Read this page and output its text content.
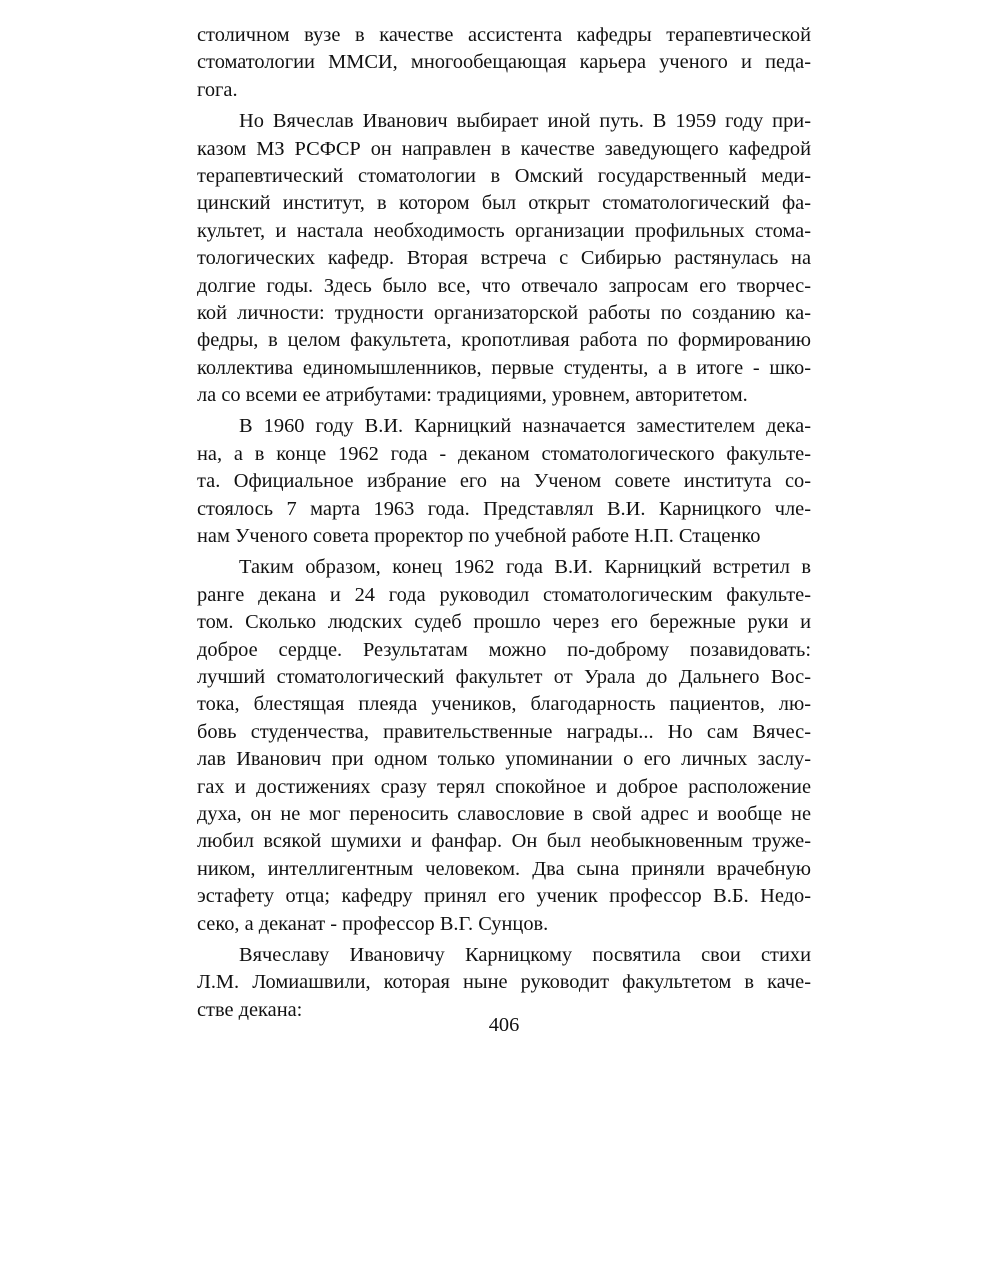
столичном вузе в качестве ассистента кафедры терапевтической
стоматологии ММСИ, многообещающая карьера ученого и педа-
гога.
Но Вячеслав Иванович выбирает иной путь. В 1959 году при-
казом МЗ РСФСР он направлен в качестве заведующего кафедрой
терапевтический стоматологии в Омский государственный меди-
цинский институт, в котором был открыт стоматологический фа-
культет, и настала необходимость организации профильных стома-
тологических кафедр. Вторая встреча с Сибирью растянулась на
долгие годы. Здесь было все, что отвечало запросам его творчес-
кой личности: трудности организаторской работы по созданию ка-
федры, в целом факультета, кропотливая работа по формированию
коллектива единомышленников, первые студенты, а в итоге - шко-
ла со всеми ее атрибутами: традициями, уровнем, авторитетом.
В 1960 году В.И. Карницкий назначается заместителем дека-
на, а в конце 1962 года - деканом стоматологического факульте-
та. Официальное избрание его на Ученом совете института со-
стоялось 7 марта 1963 года. Представлял В.И. Карницкого чле-
нам Ученого совета проректор по учебной работе Н.П. Стаценко
Таким образом, конец 1962 года В.И. Карницкий встретил в
ранге декана и 24 года руководил стоматологическим факульте-
том. Сколько людских судеб прошло через его бережные руки и
доброе сердце. Результатам можно по-доброму позавидовать:
лучший стоматологический факультет от Урала до Дальнего Вос-
тока, блестящая плеяда учеников, благодарность пациентов, лю-
бовь студенчества, правительственные награды... Но сам Вячес-
лав Иванович при одном только упоминании о его личных заслу-
гах и достижениях сразу терял спокойное и доброе расположение
духа, он не мог переносить славословие в свой адрес и вообще не
любил всякой шумихи и фанфар. Он был необыкновенным труже-
ником, интеллигентным человеком. Два сына приняли врачебную
эстафету отца; кафедру принял его ученик профессор В.Б. Недо-
секо, а деканат - профессор В.Г. Сунцов.
Вячеславу Ивановичу Карницкому посвятила свои стихи
Л.М. Ломиашвили, которая ныне руководит факультетом в каче-
стве декана:
406
